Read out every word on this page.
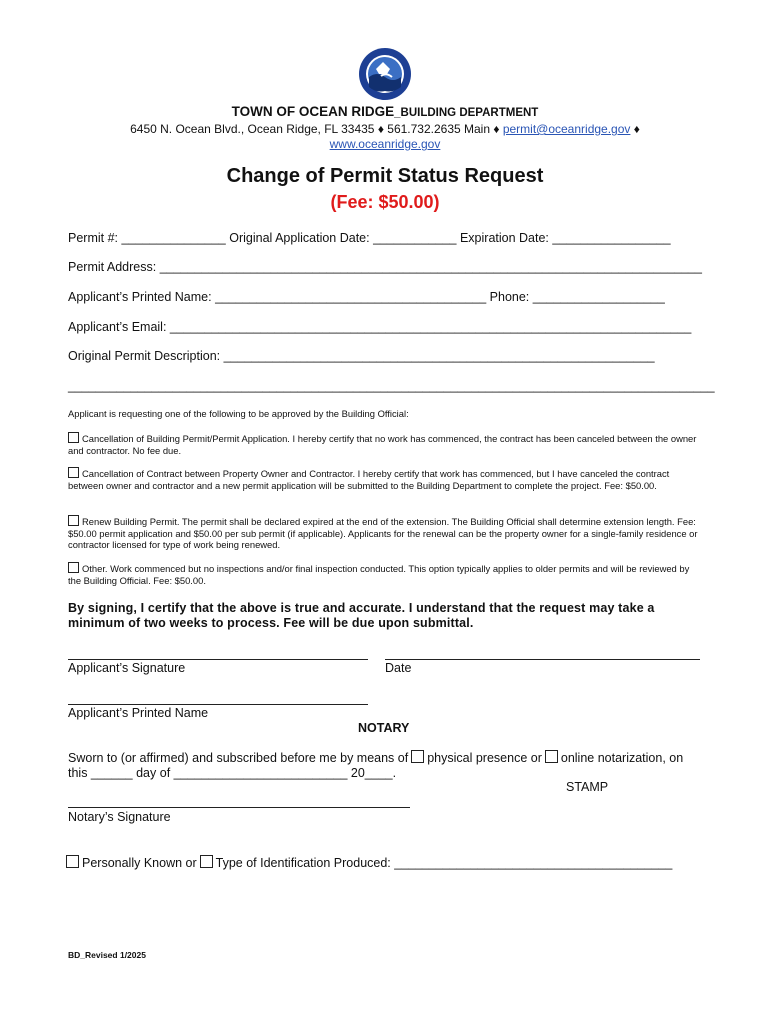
TOWN OF OCEAN RIDGE_BUILDING DEPARTMENT
6450 N. Ocean Blvd., Ocean Ridge, FL 33435 ♦ 561.732.2635 Main ♦ permit@oceanridge.gov ♦
www.oceanridge.gov
Change of Permit Status Request
(Fee: $50.00)
Permit #: _______________ Original Application Date: ____________ Expiration Date: _________________
Permit Address: ______________________________________________________________________________
Applicant’s Printed Name: _______________________________________ Phone: ___________________
Applicant’s Email: ___________________________________________________________________________
Original Permit Description: ______________________________________________________________
_____________________________________________________________________________________________
Applicant is requesting one of the following to be approved by the Building Official:
Cancellation of Building Permit/Permit Application. I hereby certify that no work has commenced, the contract has been canceled between the owner and contractor. No fee due.
Cancellation of Contract between Property Owner and Contractor. I hereby certify that work has commenced, but I have canceled the contract between owner and contractor and a new permit application will be submitted to the Building Department to complete the project. Fee: $50.00.
Renew Building Permit. The permit shall be declared expired at the end of the extension. The Building Official shall determine extension length. Fee: $50.00 permit application and $50.00 per sub permit (if applicable). Applicants for the renewal can be the property owner for a single-family residence or contractor licensed for type of work being renewed.
Other. Work commenced but no inspections and/or final inspection conducted. This option typically applies to older permits and will be reviewed by the Building Official. Fee: $50.00.
By signing, I certify that the above is true and accurate. I understand that the request may take a minimum of two weeks to process. Fee will be due upon submittal.
Applicant’s Signature	Date
Applicant’s Printed Name
NOTARY
Sworn to (or affirmed) and subscribed before me by means of physical presence or online notarization, on
this ______ day of _________________________ 20____.
STAMP
Notary’s Signature
Personally Known or Type of Identification Produced: ________________________________________
BD_Revised 1/2025
